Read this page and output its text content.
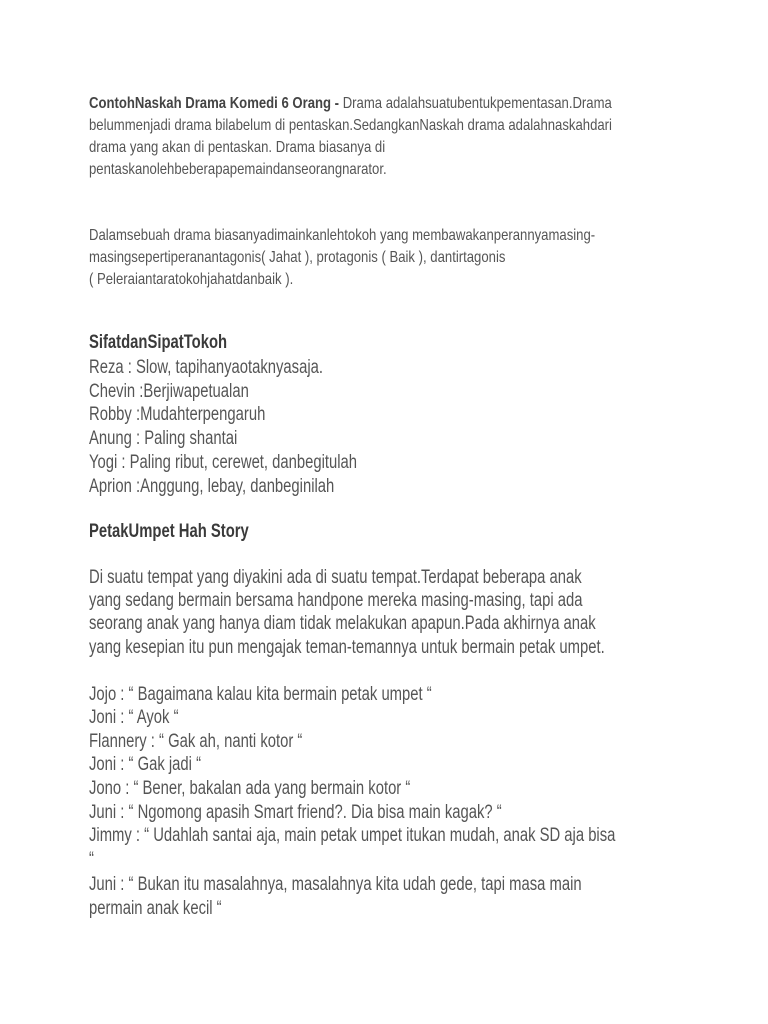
ContohNaskah Drama Komedi 6 Orang - Drama adalahsuatubentukpementasan.Drama
belummenjadi drama bilabelum di pentaskan.SedangkanNaskah drama adalahnaskahdari
drama yang akan di pentaskan. Drama biasanya di
pentaskanolehbeberapapemaindanseorangnarator.
Dalamsebuah drama biasanyadimainkanlehtokoh yang membawakanperannyamasing-
masingsepertiperanantagonis( Jahat ), protagonis ( Baik ), dantirtagonis
( Peleraiantaratokohjahatdanbaik ).
SifatdanSipatTokoh
Reza : Slow, tapihanyaotaknyasaja.
Chevin :Berjiwapetualan
Robby :Mudahterpengaruh
Anung : Paling shantai
Yogi : Paling ribut, cerewet, danbegitulah
Aprion :Anggung, lebay, danbeginilah
PetakUmpet Hah Story
Di suatu tempat yang diyakini ada di suatu tempat.Terdapat beberapa anak
yang sedang bermain bersama handpone mereka masing-masing, tapi ada
seorang anak yang hanya diam tidak melakukan apapun.Pada akhirnya anak
yang kesepian itu pun mengajak teman-temannya untuk bermain petak umpet.
Jojo : “ Bagaimana kalau kita bermain petak umpet “
Joni : “ Ayok “
Flannery : “ Gak ah, nanti kotor “
Joni : “ Gak jadi “
Jono : “ Bener, bakalan ada yang bermain kotor “
Juni : “ Ngomong apasih Smart friend?. Dia bisa main kagak? “
Jimmy : “ Udahlah santai aja, main petak umpet itukan mudah, anak SD aja bisa
“
Juni : “ Bukan itu masalahnya, masalahnya kita udah gede, tapi masa main
permain anak kecil “
